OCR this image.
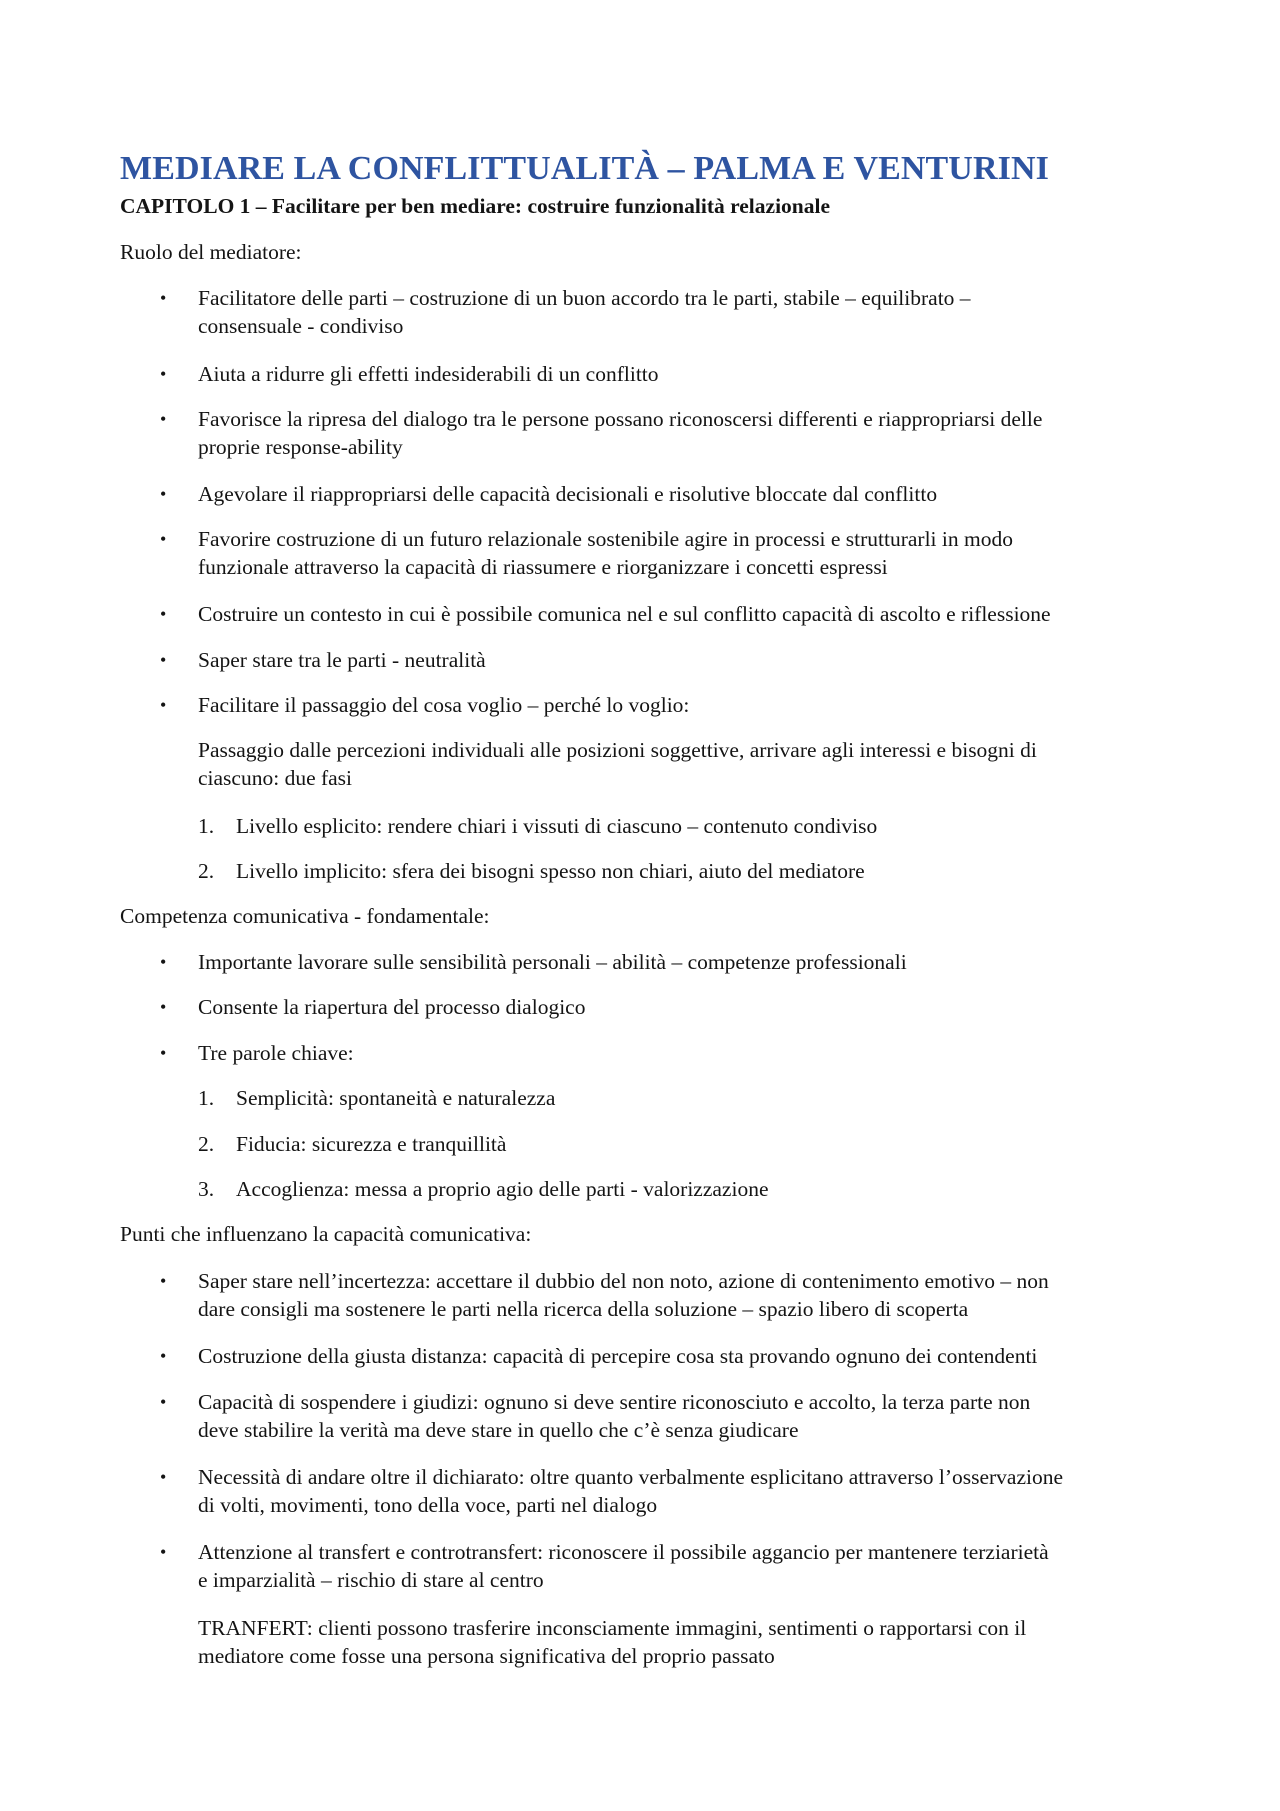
MEDIARE LA CONFLITTUALITÀ – PALMA E VENTURINI
CAPITOLO 1 – Facilitare per ben mediare: costruire funzionalità relazionale
Ruolo del mediatore:
• Facilitatore delle parti – costruzione di un buon accordo tra le parti, stabile – equilibrato –
consensuale - condiviso
• Aiuta a ridurre gli effetti indesiderabili di un conflitto
• Favorisce la ripresa del dialogo tra le persone possano riconoscersi differenti e riappropriarsi delle
proprie response-ability
• Agevolare il riappropriarsi delle capacità decisionali e risolutive bloccate dal conflitto
• Favorire costruzione di un futuro relazionale sostenibile agire in processi e strutturarli in modo
funzionale attraverso la capacità di riassumere e riorganizzare i concetti espressi
• Costruire un contesto in cui è possibile comunica nel e sul conflitto capacità di ascolto e riflessione
• Saper stare tra le parti - neutralità
• Facilitare il passaggio del cosa voglio – perché lo voglio:
Passaggio dalle percezioni individuali alle posizioni soggettive, arrivare agli interessi e bisogni di
ciascuno: due fasi
1. Livello esplicito: rendere chiari i vissuti di ciascuno – contenuto condiviso
2. Livello implicito: sfera dei bisogni spesso non chiari, aiuto del mediatore
Competenza comunicativa - fondamentale:
• Importante lavorare sulle sensibilità personali – abilità – competenze professionali
• Consente la riapertura del processo dialogico
• Tre parole chiave:
1. Semplicità: spontaneità e naturalezza
2. Fiducia: sicurezza e tranquillità
3. Accoglienza: messa a proprio agio delle parti - valorizzazione
Punti che influenzano la capacità comunicativa:
• Saper stare nell’incertezza: accettare il dubbio del non noto, azione di contenimento emotivo – non
dare consigli ma sostenere le parti nella ricerca della soluzione – spazio libero di scoperta
• Costruzione della giusta distanza: capacità di percepire cosa sta provando ognuno dei contendenti
• Capacità di sospendere i giudizi: ognuno si deve sentire riconosciuto e accolto, la terza parte non
deve stabilire la verità ma deve stare in quello che c’è senza giudicare
• Necessità di andare oltre il dichiarato: oltre quanto verbalmente esplicitano attraverso l’osservazione
di volti, movimenti, tono della voce, parti nel dialogo
• Attenzione al transfert e controtransfert: riconoscere il possibile aggancio per mantenere terziarietà
e imparzialità – rischio di stare al centro
TRANFERT: clienti possono trasferire inconsciamente immagini, sentimenti o rapportarsi con il
mediatore come fosse una persona significativa del proprio passato
